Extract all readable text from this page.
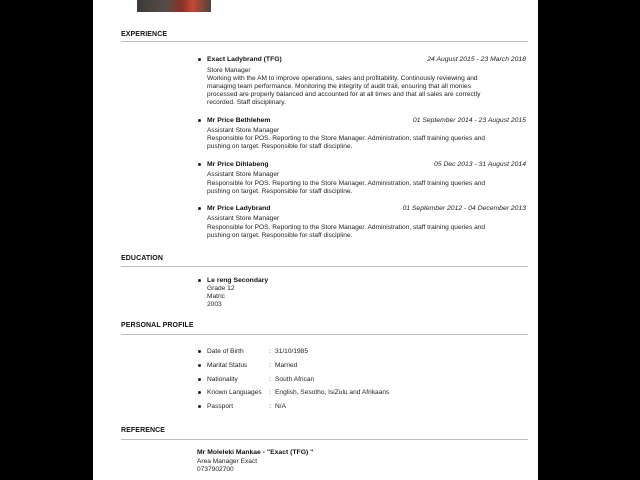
EXPERIENCE
Exact Ladybrand (TFG)	24 August 2015 - 23 March 2018
Store Manager
Working with the AM to improve operations, sales and profitability. Continously reviewing and
managing team performance. Monitoring the integrity of audit trail, ensuring that all monies
processed are properly balanced and accounted for at all times and that all sales are correctly
recorded. Staff disciplinary.
Mr Price Bethlehem	01 September 2014 - 23 August 2015
Assistant Store Manager
Responsible for POS. Reporting to the Store Manager. Administration, staff training queries and
pushing on target. Responsible for staff discipline.
Mr Price Dihlabeng	05 Dec 2013 - 31 August 2014
Assistant Store Manager
Responsible for POS. Reporting to the Store Manager. Administration, staff training queries and
pushing on target. Responsible for staff discipline.
Mr Price Ladybrand	01 September 2012 - 04 December 2013
Assistant Store Manager
Responsible for POS. Reporting to the Store Manager. Administration, staff training queries and
pushing on target. Responsible for staff discipline.
EDUCATION
Le reng Secondary
Grade 12
Matric
2003
PERSONAL PROFILE
Date of Birth	: 31/10/1985
Marital Status	: Married
Nationality	: South African
Known Languages : English, Sesotho, IsiZulu and Afrikaans
Passport	: N/A
REFERENCE
Mr Moleleki Mankae - "Exact (TFG) "
Area Manager Exact
0737902700
